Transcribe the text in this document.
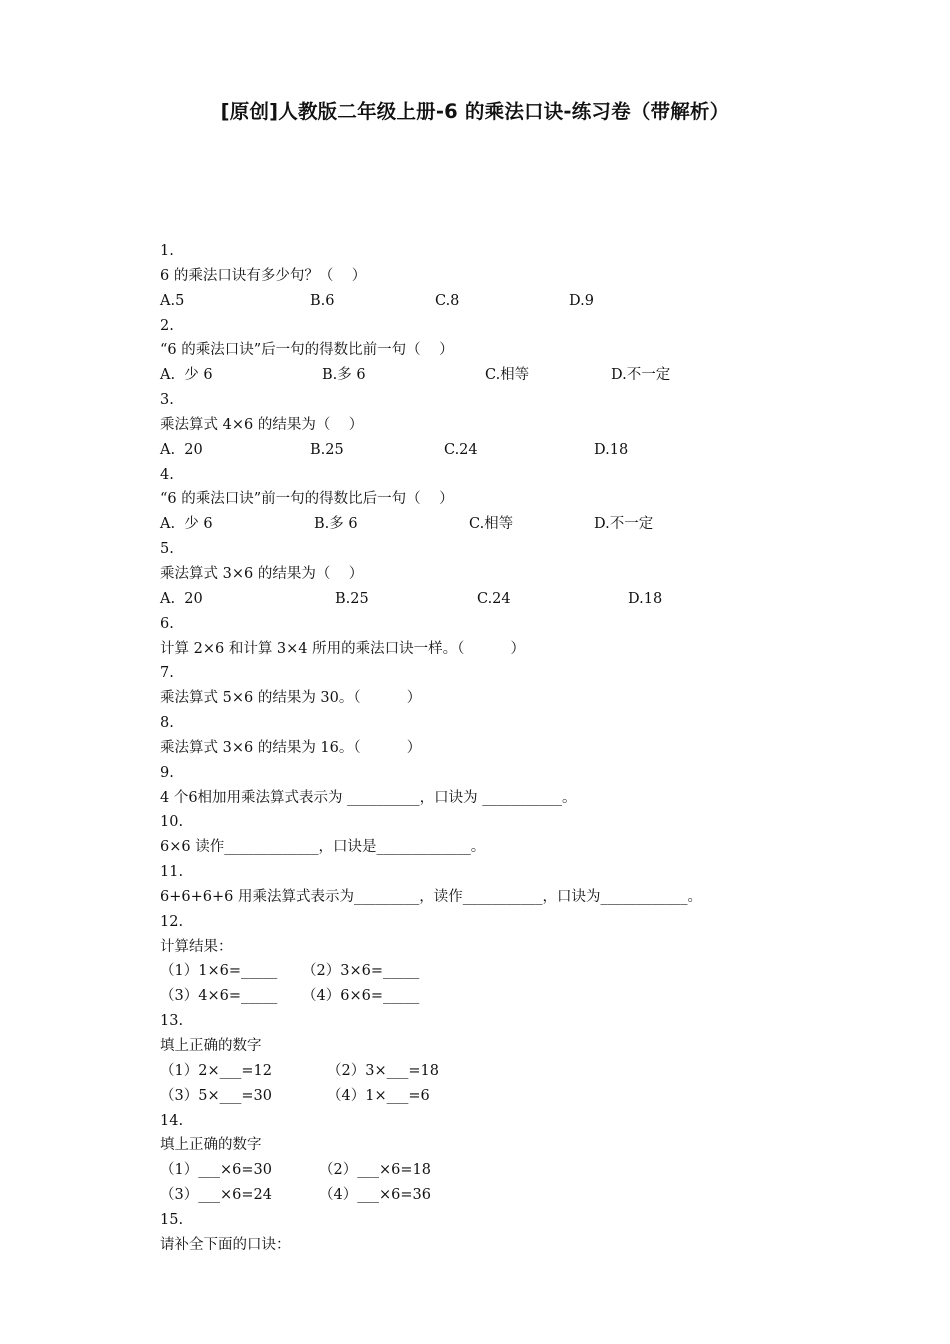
[原创]人教版二年级上册-6 的乘法口诀-练习卷（带解析）
1.
6 的乘法口诀有多少句？（    ）

A.5

	B.6

	C.8

	D.9

2.
“6 的乘法口诀”后一句的得数比前一句（    ）

A.  少 6

	B.多 6

	C.相等

	D.不一定

3.
乘法算式 4×6 的结果为（    ）

A.  20

	B.25

	C.24

	D.18

4.
“6 的乘法口诀”前一句的得数比后一句（    ）

A.  少 6

	B.多 6

	C.相等

	D.不一定

5.
乘法算式 3×6 的结果为（    ）

A.  20

	B.25

	C.24

	D.18

6.
计算 2×6 和计算 3×4 所用的乘法口诀一样。（          ）
7.
乘法算式 5×6 的结果为 30。（          ）
8.
乘法算式 3×6 的结果为 16。（          ）
9.
4 个6相加用乘法算式表示为 __________，口诀为 ___________。
10.
6×6 读作_____________，口诀是_____________。
11.
6+6+6+6 用乘法算式表示为_________，读作___________，口诀为____________。
12.
计算结果：

（1）1×6=_____

（2）3×6=_____

（3）4×6=_____

（4）6×6=_____

13.
填上正确的数字

（1）2×___=12

	（2）3×___=18

（3）5×___=30

	（4）1×___=6

14.
填上正确的数字

（1）___×6=30

	（2）___×6=18

（3）___×6=24

	（4）___×6=36

15.
请补全下面的口诀：
